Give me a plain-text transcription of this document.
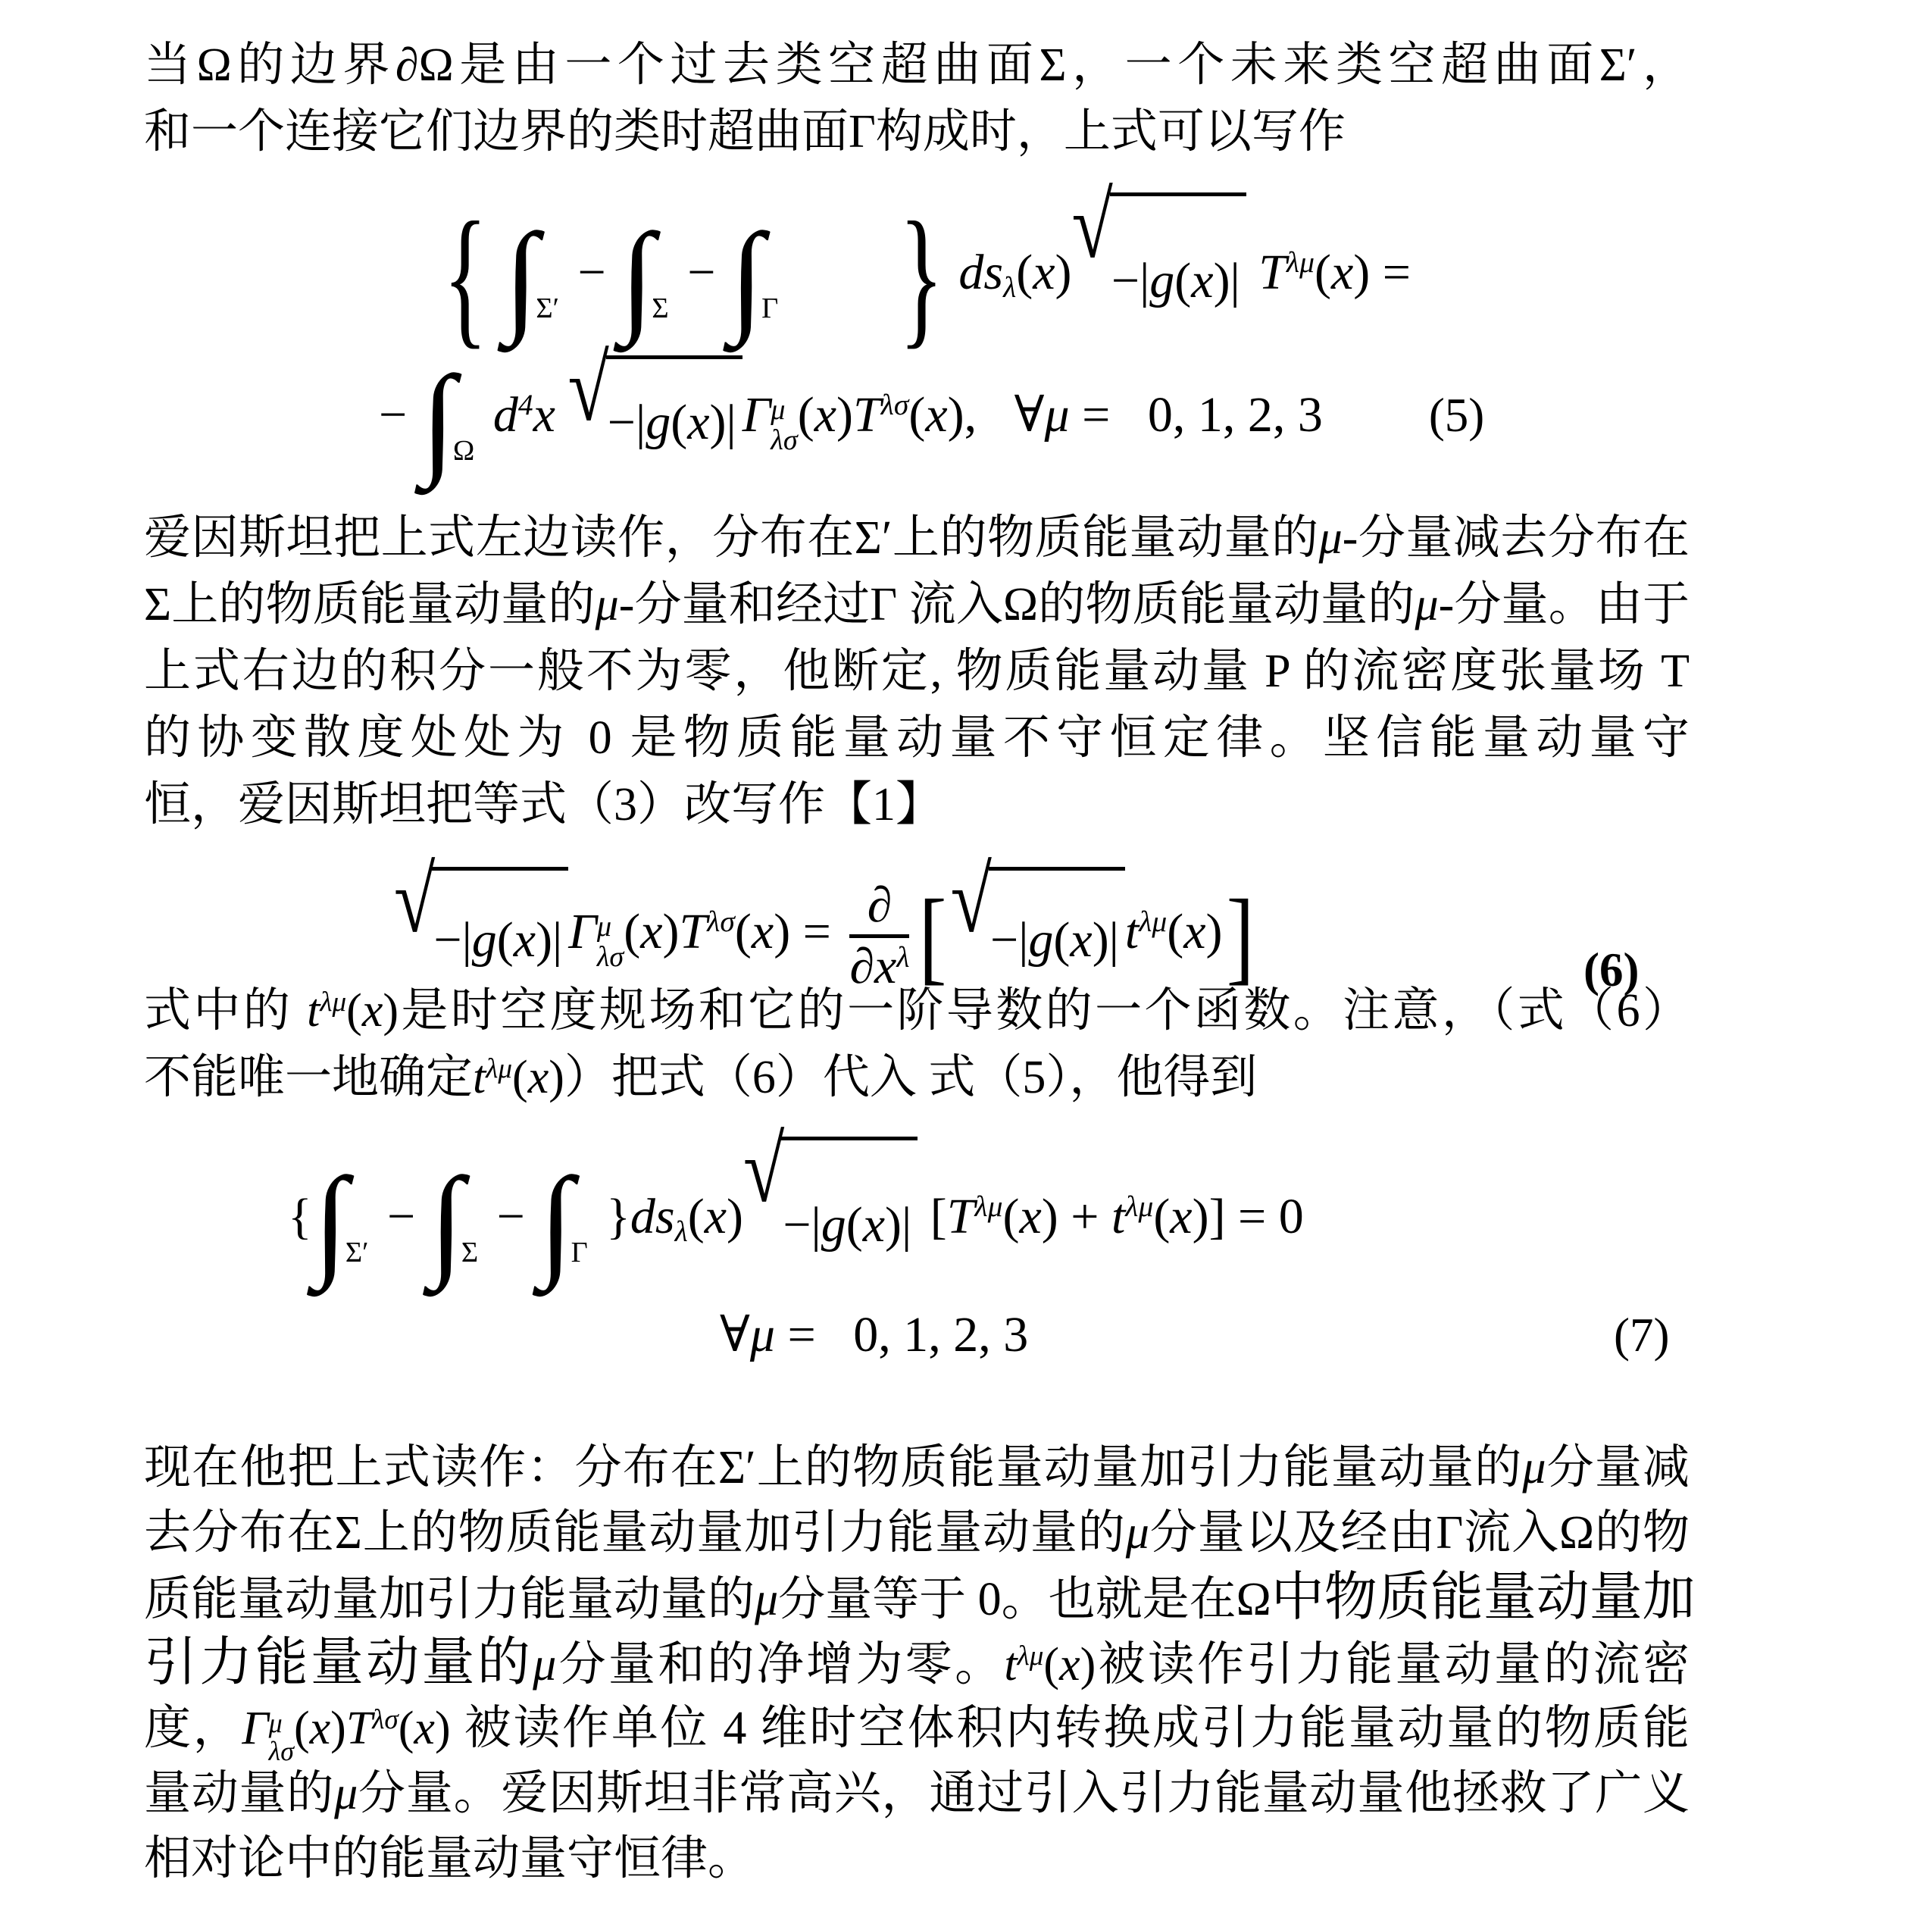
当Ω的边界∂Ω是由一个过去类空超曲面Σ，一个未来类空超曲面Σ′，
和一个连接它们边界的类时超曲面Γ构成时，上式可以写作
{ $\int_{\Sigma'} - \int_\Sigma - \int_\Gamma$   } dsλ(x) √
−|g(x)| $T^{\lambda\mu}(x)$ =
− $\int_\Omega$ $d^4x$ √
−|g(x)| Γ μ
λσ $(x)T^{\lambda\sigma}(x)$,  ∀μ =  0, 1, 2, 3 (5)
爱因斯坦把上式左边读作，分布在Σ′上的物质能量动量的μ-分量减去分布在
Σ上的物质能量动量的μ-分量和经过Γ 流入Ω的物质能量动量的μ-分量。由于
上式右边的积分一般不为零，他断定, 物质能量动量 P 的流密度张量场 T
的协变散度处处为 0 是物质能量动量不守恒定律。坚信能量动量守
恒，爱因斯坦把等式（3）改写作【1】
√
−|g(x)| Γ μ
λσ $(x)T^{\lambda\sigma}(x)$ = ∂
$\partial x^\lambda$ [ √
−|g(x)| $t^{\lambda\mu}(x)$]	(6)
式中的 $t^{\lambda\mu}(x)$是时空度规场和它的一阶导数的一个函数。注意，（式（6）
不能唯一地确定$t^{\lambda\mu}(x)$）把式（6）代入 式（5），他得到
{$\int_{\Sigma'} - \int_\Sigma - \int_\Gamma$ }dsλ(x) √
−|g(x)| $[T^{\lambda\mu}(x) + t^{\lambda\mu}(x)] = 0$
∀μ =  0, 1, 2, 3	(7)
现在他把上式读作：分布在Σ′上的物质能量动量加引力能量动量的μ分量减
去分布在Σ上的物质能量动量加引力能量动量的μ分量以及经由Γ流入Ω的物
质能量动量加引力能量动量的μ分量等于 0。也就是在Ω中物质能量动量加
引力能量动量的μ分量和的净增为零。$t^{\lambda\mu}(x)$被读作引力能量动量的流密
度，Γ μ
λσ $(x)T^{\lambda\sigma}(x)$ 被读作单位 4 维时空体积内转换成引力能量动量的物质能
量动量的μ分量。爱因斯坦非常高兴，通过引入引力能量动量他拯救了广义
相对论中的能量动量守恒律。
